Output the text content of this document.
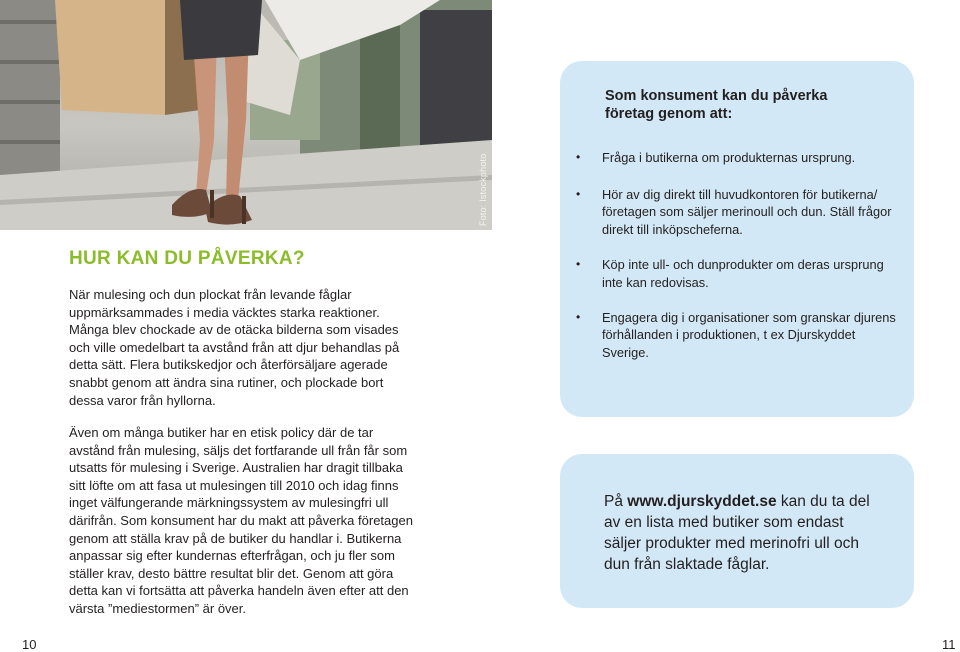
Foto: Istockphoto
HUR KAN DU PÅVERKA?

När mulesing och dun plockat från levande fåglar uppmärksammades i media väcktes starka reaktioner. Många blev chockade av de otäcka bilderna som visades och ville omedelbart ta avstånd från att djur behandlas på detta sätt. Flera butikskedjor och återförsäljare agerade snabbt genom att ändra sina rutiner, och plockade bort dessa varor från hyllorna.

Även om många butiker har en etisk policy där de tar avstånd från mulesing, säljs det fortfarande ull från får som utsatts för mulesing i Sverige. Australien har dragit tillbaka sitt löfte om att fasa ut mulesingen till 2010 och idag finns inget välfungerande märkningssystem av mulesingfri ull därifrån. Som konsument har du makt att påverka företagen genom att ställa krav på de butiker du handlar i. Butikerna anpassar sig efter kundernas efterfrågan, och ju fler som ställer krav, desto bättre resultat blir det. Genom att göra detta kan vi fortsätta att påverka handeln även efter att den värsta ”mediestormen” är över.

Som konsument kan du påverka företag genom att:
• Fråga i butikerna om produkternas ursprung.
• Hör av dig direkt till huvudkontoren för butikerna/ företagen som säljer merinoull och dun. Ställ frågor direkt till inköpscheferna.
• Köp inte ull- och dunprodukter om deras ursprung inte kan redovisas.
• Engagera dig i organisationer som granskar djurens förhållanden i produktionen, t ex Djurskyddet Sverige.

På www.djurskyddet.se kan du ta del av en lista med butiker som endast säljer produkter med merinofri ull och dun från slaktade fåglar.

10	11
